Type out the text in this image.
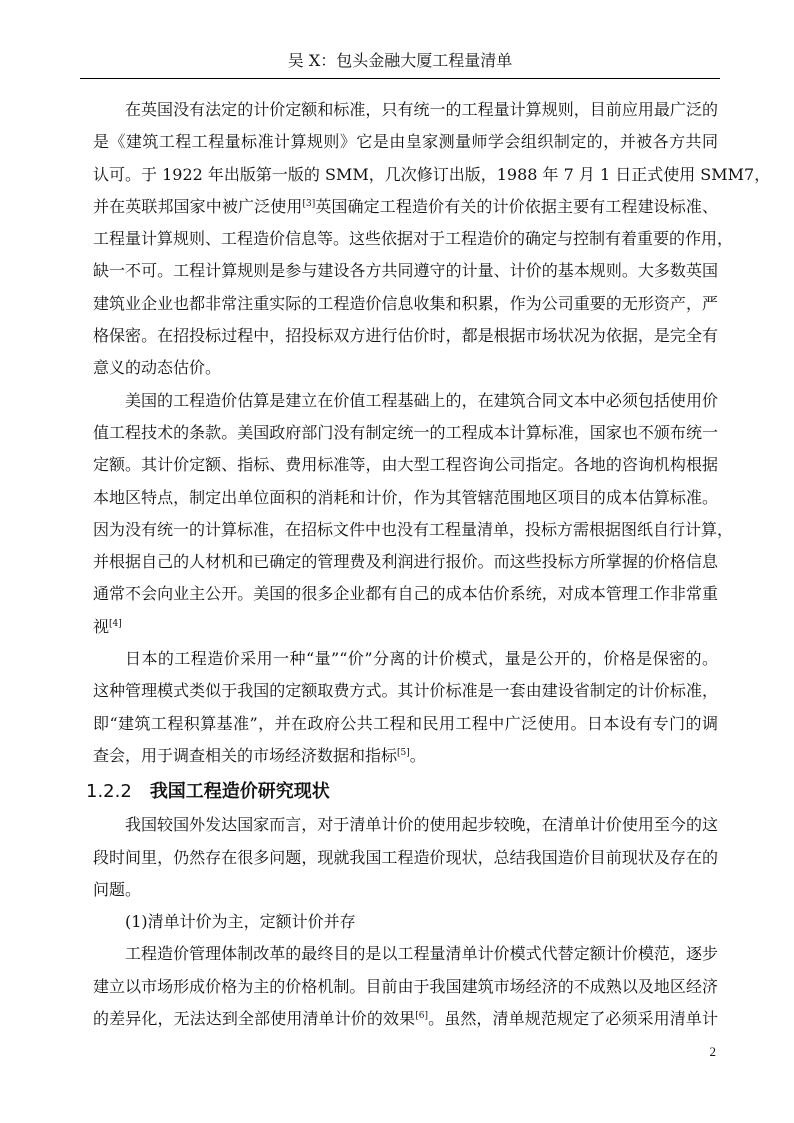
吴 X：包头金融大厦工程量清单

在英国没有法定的计价定额和标准，只有统一的工程量计算规则，目前应用最广泛的
是《建筑工程工程量标准计算规则》它是由皇家测量师学会组织制定的，并被各方共同
认可。于 1922 年出版第一版的 SMM，几次修订出版，1988 年 7 月 1 日正式使用 SMM7，
并在英联邦国家中被广泛使用[3]英国确定工程造价有关的计价依据主要有工程建设标准、
工程量计算规则、工程造价信息等。这些依据对于工程造价的确定与控制有着重要的作用，
缺一不可。工程计算规则是参与建设各方共同遵守的计量、计价的基本规则。大多数英国
建筑业企业也都非常注重实际的工程造价信息收集和积累，作为公司重要的无形资产，严
格保密。在招投标过程中，招投标双方进行估价时，都是根据市场状况为依据，是完全有
意义的动态估价。

美国的工程造价估算是建立在价值工程基础上的，在建筑合同文本中必须包括使用价
值工程技术的条款。美国政府部门没有制定统一的工程成本计算标准，国家也不颁布统一
定额。其计价定额、指标、费用标准等，由大型工程咨询公司指定。各地的咨询机构根据
本地区特点，制定出单位面积的消耗和计价，作为其管辖范围地区项目的成本估算标准。
因为没有统一的计算标准，在招标文件中也没有工程量清单，投标方需根据图纸自行计算，
并根据自己的人材机和已确定的管理费及利润进行报价。而这些投标方所掌握的价格信息
通常不会向业主公开。美国的很多企业都有自己的成本估价系统，对成本管理工作非常重
视[4]

日本的工程造价采用一种“量”“价”分离的计价模式，量是公开的，价格是保密的。
这种管理模式类似于我国的定额取费方式。其计价标准是一套由建设省制定的计价标准，
即“建筑工程积算基准”，并在政府公共工程和民用工程中广泛使用。日本设有专门的调
查会，用于调查相关的市场经济数据和指标[5]。

1.2.2 我国工程造价研究现状

我国较国外发达国家而言，对于清单计价的使用起步较晚，在清单计价使用至今的这
段时间里，仍然存在很多问题，现就我国工程造价现状，总结我国造价目前现状及存在的
问题。

(1)清单计价为主，定额计价并存

工程造价管理体制改革的最终目的是以工程量清单计价模式代替定额计价模范，逐步
建立以市场形成价格为主的价格机制。目前由于我国建筑市场经济的不成熟以及地区经济
的差异化，无法达到全部使用清单计价的效果[6]。虽然，清单规范规定了必须采用清单计

2
